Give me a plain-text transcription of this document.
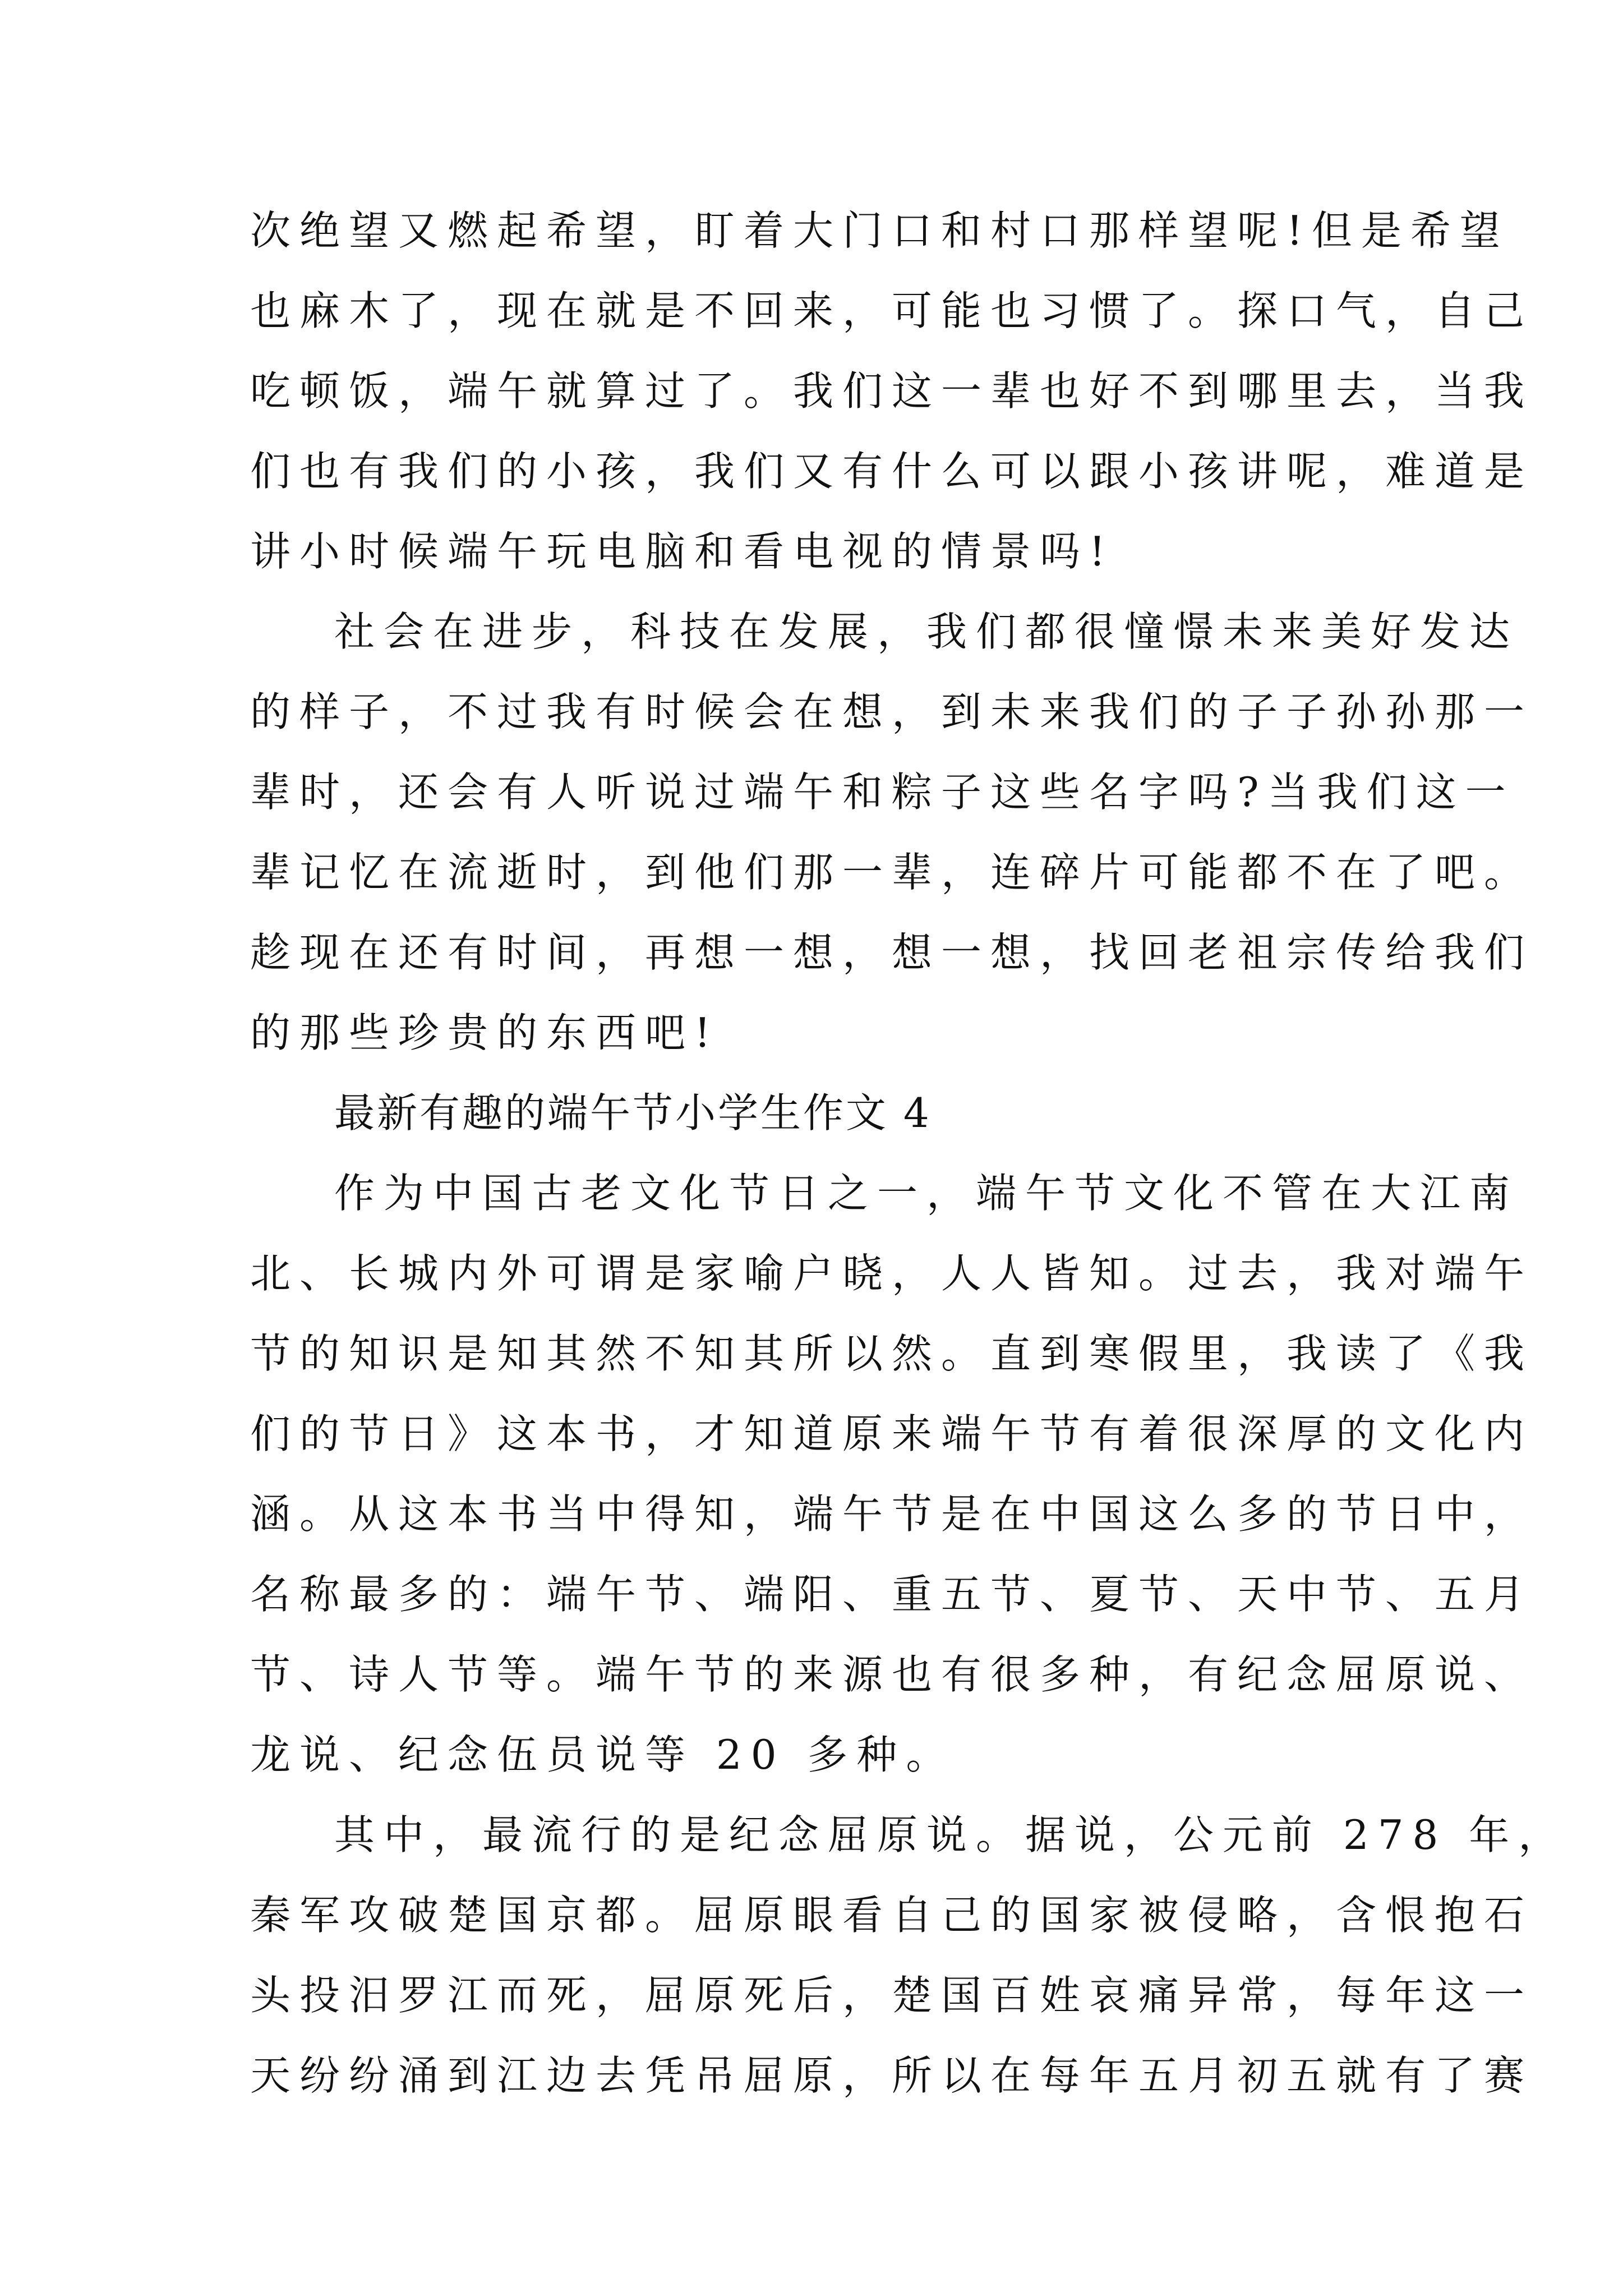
次绝望又燃起希望，盯着大门口和村口那样望呢!但是希望
也麻木了，现在就是不回来，可能也习惯了。探口气，自己
吃顿饭，端午就算过了。我们这一辈也好不到哪里去，当我
们也有我们的小孩，我们又有什么可以跟小孩讲呢，难道是
讲小时候端午玩电脑和看电视的情景吗!
社会在进步，科技在发展，我们都很憧憬未来美好发达
的样子，不过我有时候会在想，到未来我们的子子孙孙那一
辈时，还会有人听说过端午和粽子这些名字吗?当我们这一
辈记忆在流逝时，到他们那一辈，连碎片可能都不在了吧。
趁现在还有时间，再想一想，想一想，找回老祖宗传给我们
的那些珍贵的东西吧!
最新有趣的端午节小学生作文 4
作为中国古老文化节日之一，端午节文化不管在大江南
北、长城内外可谓是家喻户晓，人人皆知。过去，我对端午
节的知识是知其然不知其所以然。直到寒假里，我读了《我
们的节日》这本书，才知道原来端午节有着很深厚的文化内
涵。从这本书当中得知，端午节是在中国这么多的节日中，
名称最多的：端午节、端阳、重五节、夏节、天中节、五月
节、诗人节等。端午节的来源也有很多种，有纪念屈原说、
龙说、纪念伍员说等 20 多种。
其中，最流行的是纪念屈原说。据说，公元前 278 年，
秦军攻破楚国京都。屈原眼看自己的国家被侵略，含恨抱石
头投汨罗江而死，屈原死后，楚国百姓哀痛异常，每年这一
天纷纷涌到江边去凭吊屈原，所以在每年五月初五就有了赛
